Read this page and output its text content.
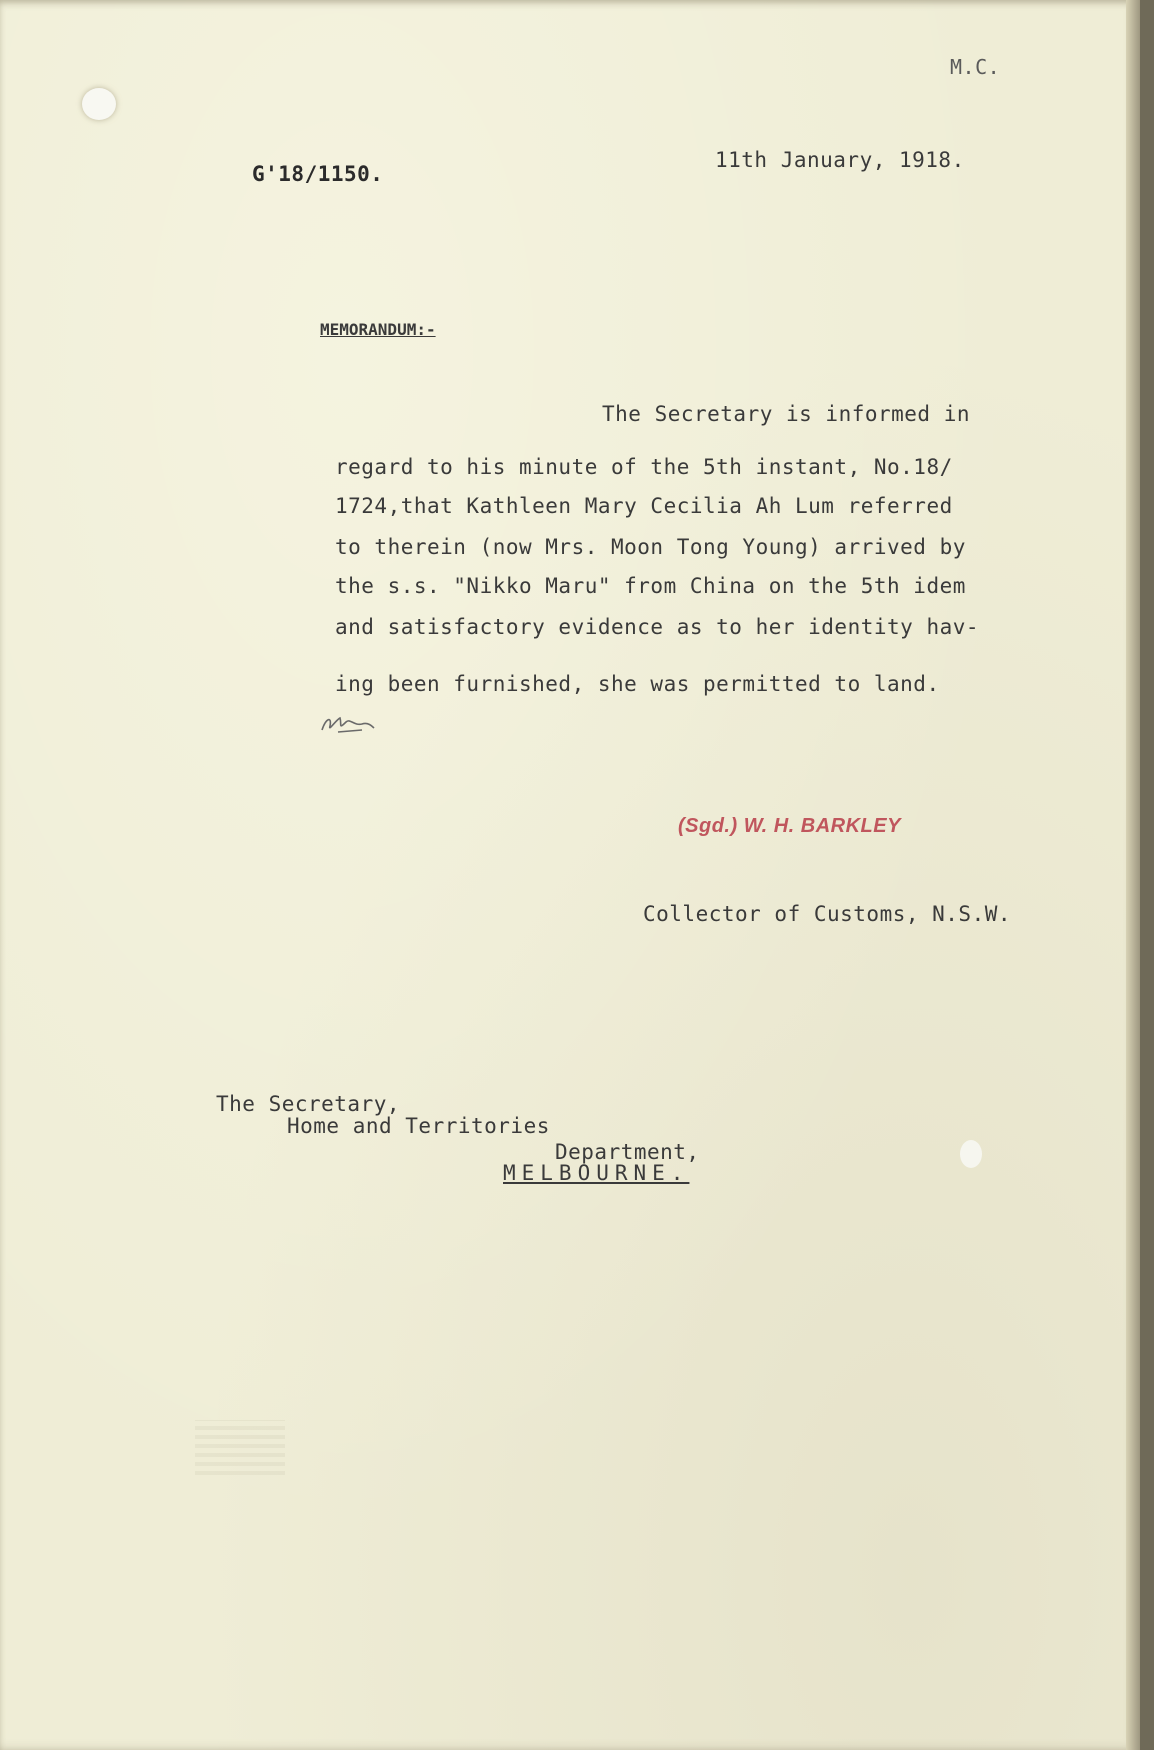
M.C.
G'18/1150.
11th January, 1918.
MEMORANDUM:-
The Secretary is informed in
regard to his minute of the 5th instant, No.18/
1724,that Kathleen Mary Cecilia Ah Lum referred
to therein (now Mrs. Moon Tong Young) arrived by
the s.s. "Nikko Maru" from China on the 5th idem
and satisfactory evidence as to her identity hav-
ing been furnished, she was permitted to land.
(Sgd.) W. H. BARKLEY
Collector of Customs, N.S.W.
The Secretary,
Home and Territories
Department,
MELBOURNE.
